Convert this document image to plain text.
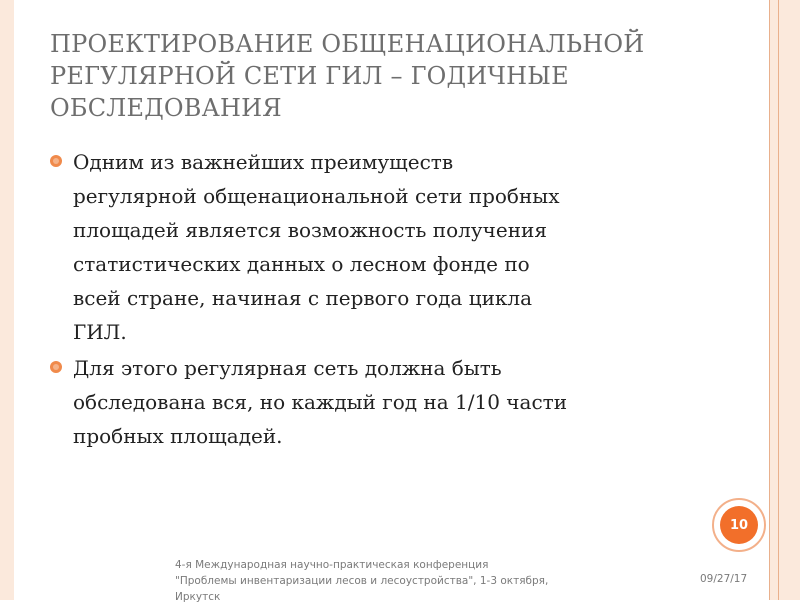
ПРОЕКТИРОВАНИЕ ОБЩЕНАЦИОНАЛЬНОЙ
РЕГУЛЯРНОЙ СЕТИ ГИЛ – ГОДИЧНЫЕ
ОБСЛЕДОВАНИЯ
Одним из важнейших преимуществ
регулярной общенациональной сети пробных
площадей является возможность получения
статистических данных о лесном фонде по
всей стране, начиная с первого года цикла
ГИЛ.
Для этого регулярная сеть должна быть
обследована вся, но каждый год на 1/10 части
пробных площадей.
10
4-я Международная научно-практическая конференция
"Проблемы инвентаризации лесов и лесоустройства", 1-3 октября,
Иркутск
09/27/17
